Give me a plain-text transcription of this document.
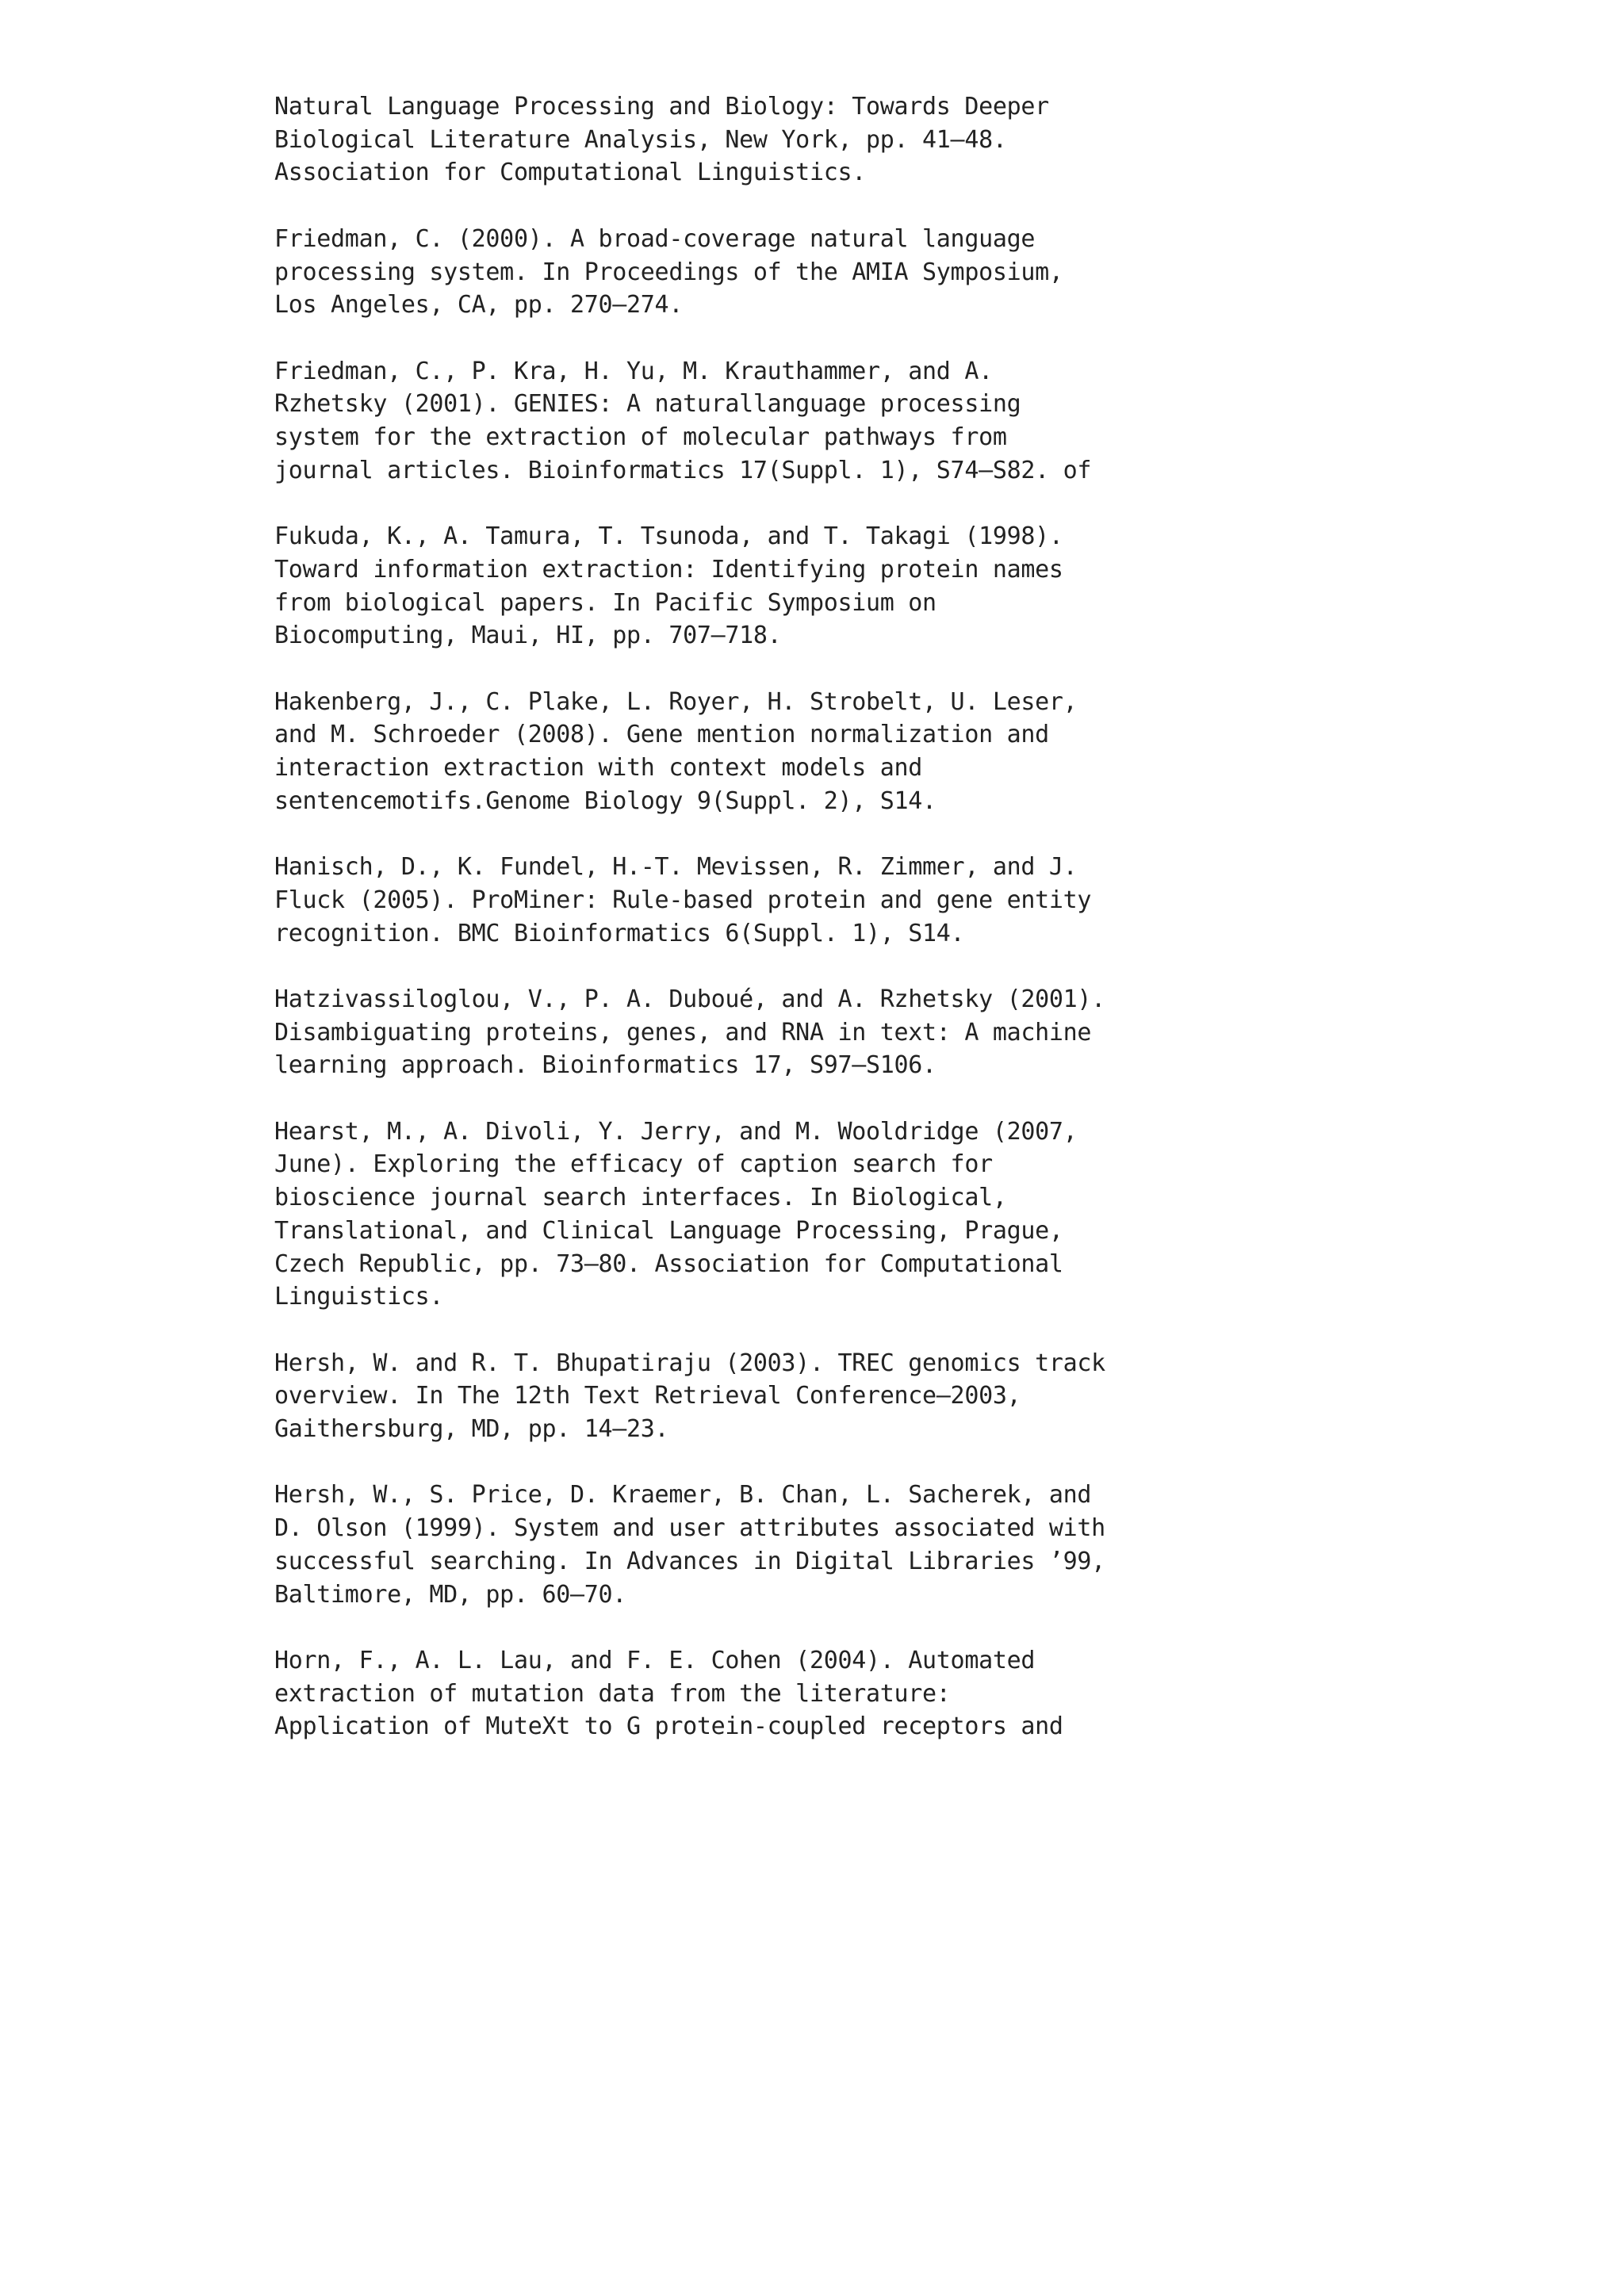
Natural Language Processing and Biology: Towards Deeper
Biological Literature Analysis, New York, pp. 41–48.
Association for Computational Linguistics.
Friedman, C. (2000). A broad-coverage natural language
processing system. In Proceedings of the AMIA Symposium,
Los Angeles, CA, pp. 270–274.
Friedman, C., P. Kra, H. Yu, M. Krauthammer, and A.
Rzhetsky (2001). GENIES: A naturallanguage processing
system for the extraction of molecular pathways from
journal articles. Bioinformatics 17(Suppl. 1), S74–S82. of
Fukuda, K., A. Tamura, T. Tsunoda, and T. Takagi (1998).
Toward information extraction: Identifying protein names
from biological papers. In Pacific Symposium on
Biocomputing, Maui, HI, pp. 707–718.
Hakenberg, J., C. Plake, L. Royer, H. Strobelt, U. Leser,
and M. Schroeder (2008). Gene mention normalization and
interaction extraction with context models and
sentencemotifs.Genome Biology 9(Suppl. 2), S14.
Hanisch, D., K. Fundel, H.-T. Mevissen, R. Zimmer, and J.
Fluck (2005). ProMiner: Rule-based protein and gene entity
recognition. BMC Bioinformatics 6(Suppl. 1), S14.
Hatzivassiloglou, V., P. A. Duboué, and A. Rzhetsky (2001).
Disambiguating proteins, genes, and RNA in text: A machine
learning approach. Bioinformatics 17, S97–S106.
Hearst, M., A. Divoli, Y. Jerry, and M. Wooldridge (2007,
June). Exploring the efficacy of caption search for
bioscience journal search interfaces. In Biological,
Translational, and Clinical Language Processing, Prague,
Czech Republic, pp. 73–80. Association for Computational
Linguistics.
Hersh, W. and R. T. Bhupatiraju (2003). TREC genomics track
overview. In The 12th Text Retrieval Conference—2003,
Gaithersburg, MD, pp. 14–23.
Hersh, W., S. Price, D. Kraemer, B. Chan, L. Sacherek, and
D. Olson (1999). System and user attributes associated with
successful searching. In Advances in Digital Libraries ’99,
Baltimore, MD, pp. 60–70.
Horn, F., A. L. Lau, and F. E. Cohen (2004). Automated
extraction of mutation data from the literature:
Application of MuteXt to G protein-coupled receptors and
